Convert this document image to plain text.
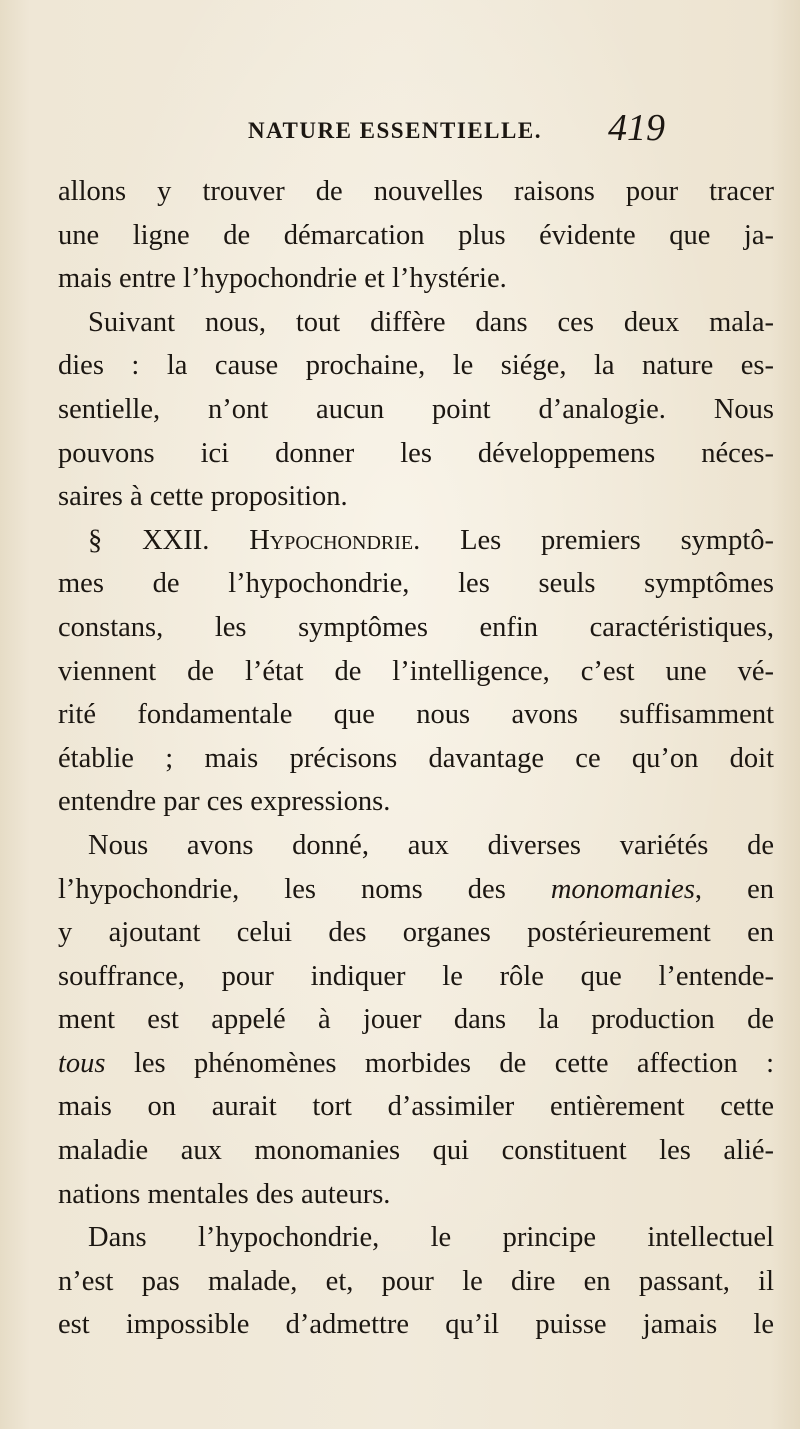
NATURE ESSENTIELLE. 419
allons y trouver de nouvelles raisons pour tracer
une ligne de démarcation plus évidente que ja-
mais entre l’hypochondrie et l’hystérie.
Suivant nous, tout diffère dans ces deux mala-
dies : la cause prochaine, le siége, la nature es-
sentielle, n’ont aucun point d’analogie. Nous
pouvons ici donner les développemens néces-
saires à cette proposition.
§ XXII. Hypochondrie. Les premiers symptô-
mes de l’hypochondrie, les seuls symptômes
constans, les symptômes enfin caractéristiques,
viennent de l’état de l’intelligence, c’est une vé-
rité fondamentale que nous avons suffisamment
établie ; mais précisons davantage ce qu’on doit
entendre par ces expressions.
Nous avons donné, aux diverses variétés de
l’hypochondrie, les noms des monomanies, en
y ajoutant celui des organes postérieurement en
souffrance, pour indiquer le rôle que l’entende-
ment est appelé à jouer dans la production de
tous les phénomènes morbides de cette affection :
mais on aurait tort d’assimiler entièrement cette
maladie aux monomanies qui constituent les alié-
nations mentales des auteurs.
Dans l’hypochondrie, le principe intellectuel
n’est pas malade, et, pour le dire en passant, il
est impossible d’admettre qu’il puisse jamais le
